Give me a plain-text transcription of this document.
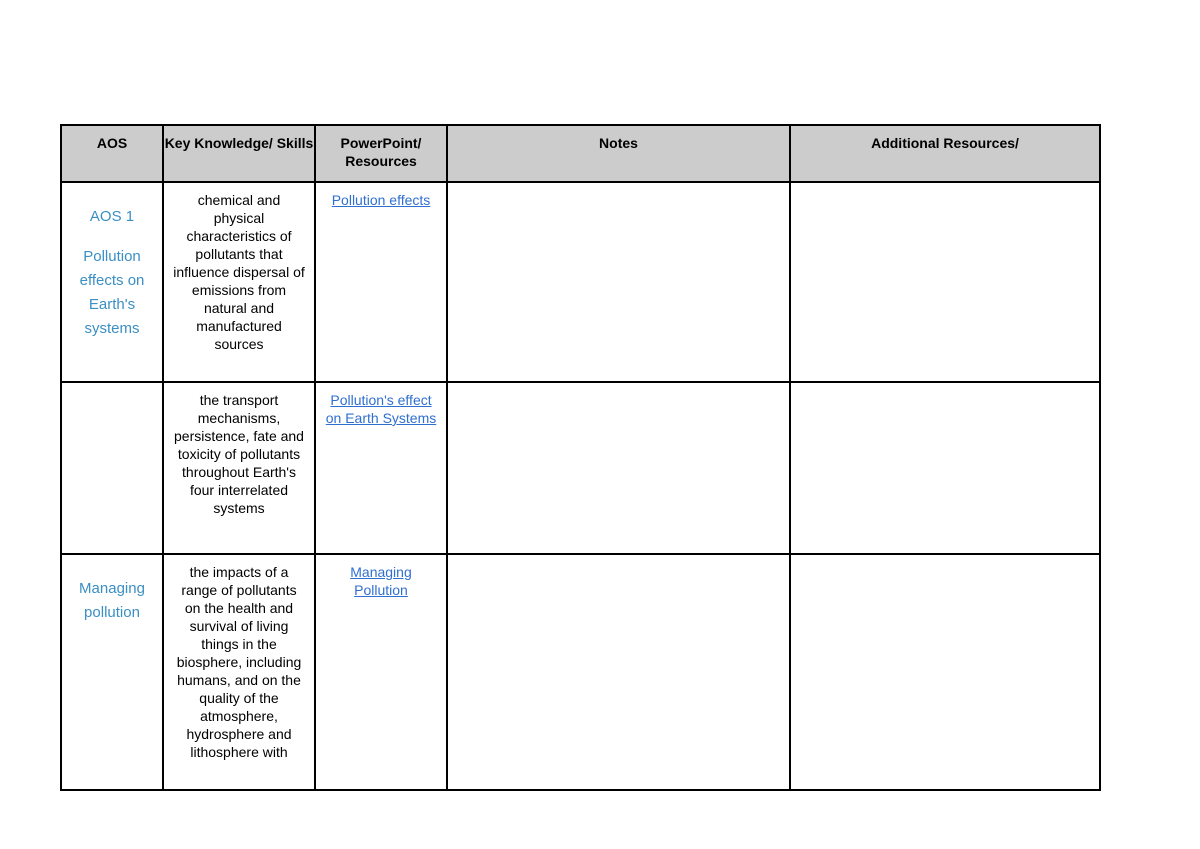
AOS	Key Knowledge/ Skills	PowerPoint/ Resources	Notes	Additional Resources/

AOS 1
Pollution effects on Earth's systems	chemical and physical characteristics of pollutants that influence dispersal of emissions from natural and manufactured sources	Pollution effects		
	the transport mechanisms, persistence, fate and toxicity of pollutants throughout Earth's four interrelated systems	Pollution's effect on Earth Systems		

Managing pollution	the impacts of a range of pollutants on the health and survival of living things in the biosphere, including humans, and on the quality of the atmosphere, hydrosphere and lithosphere with	Managing Pollution		
